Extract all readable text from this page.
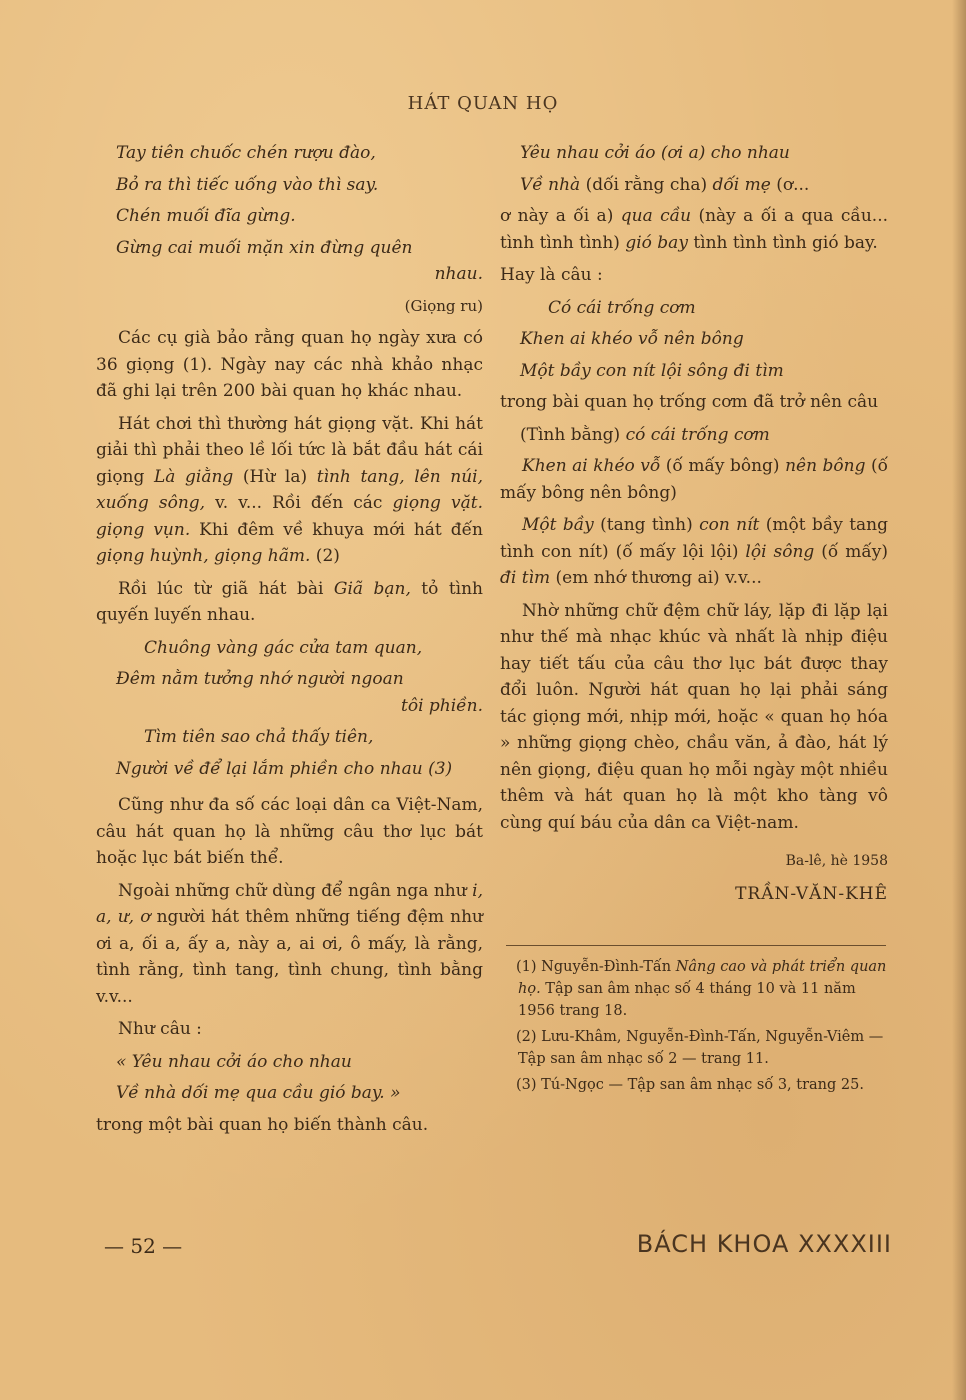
HÁT QUAN HỌ

Tay tiên chuốc chén rượu đào,

Bỏ ra thì tiếc uống vào thì say.

Chén muối đĩa gừng.

Gừng cai muối mặn xin đừng quên

nhau.

(Giọng ru)

Các cụ già bảo rằng quan họ ngày xưa có 36 giọng (1). Ngày nay các nhà khảo nhạc đã ghi lại trên 200 bài quan họ khác nhau.

Hát chơi thì thường hát giọng vặt. Khi hát giải thì phải theo lề lối tức là bắt đầu hát cái giọng Là giằng (Hừ la) tình tang, lên núi, xuống sông, v. v... Rồi đến các giọng vặt. giọng vụn. Khi đêm về khuya mới hát đến giọng huỳnh, giọng hãm. (2)

Rồi lúc từ giã hát bài Giã bạn, tỏ tình quyến luyến nhau.

Chuông vàng gác cửa tam quan,

Đêm nằm tưởng nhớ người ngoan

tôi phiền.

Tìm tiên sao chả thấy tiên,

Người về để lại lắm phiền cho nhau (3)

Cũng như đa số các loại dân ca Việt-Nam, câu hát quan họ là những câu thơ lục bát hoặc lục bát biến thể.

Ngoài những chữ dùng để ngân nga như i, a, ư, ơ người hát thêm những tiếng đệm như ơi a, ối a, ấy a, này a, ai ơi, ô mấy, là rằng, tình rằng, tình tang, tình chung, tình bằng v.v...

Như câu :

« Yêu nhau cởi áo cho nhau

Về nhà dối mẹ qua cầu gió bay. »

trong một bài quan họ biến thành câu.

Yêu nhau cởi áo (ơi a) cho nhau

Về nhà (dối rằng cha) dối mẹ (ơ...

ơ này a ối a) qua cầu (này a ối a qua cầu... tình tình tình) gió bay tình tình tình gió bay.

Hay là câu :

Có cái trống cơm

Khen ai khéo vỗ nên bông

Một bầy con nít lội sông đi tìm

trong bài quan họ trống cơm đã trở nên câu

(Tình bằng) có cái trống cơm

Khen ai khéo vỗ (ố mấy bông) nên bông (ố mấy bông nên bông)

Một bầy (tang tình) con nít (một bầy tang tình con nít) (ố mấy lội lội) lội sông (ố mấy) đi tìm (em nhớ thương ai) v.v...

Nhờ những chữ đệm chữ láy, lặp đi lặp lại như thế mà nhạc khúc và nhất là nhịp điệu hay tiết tấu của câu thơ lục bát được thay đổi luôn. Người hát quan họ lại phải sáng tác giọng mới, nhịp mới, hoặc « quan họ hóa » những giọng chèo, chầu văn, ả đào, hát lý nên giọng, điệu quan họ mỗi ngày một nhiều thêm và hát quan họ là một kho tàng vô cùng quí báu của dân ca Việt-nam.

Ba-lê, hè 1958

TRẦN-VĂN-KHÊ

(1) Nguyễn-Đình-Tấn Nâng cao và phát triển quan họ. Tập san âm nhạc số 4 tháng 10 và 11 năm 1956 trang 18.

(2) Lưu-Khâm, Nguyễn-Đình-Tấn, Nguyễn-Viêm — Tập san âm nhạc số 2 — trang 11.

(3) Tú-Ngọc — Tập san âm nhạc số 3, trang 25.

— 52 —	BÁCH KHOA XXXXIII
